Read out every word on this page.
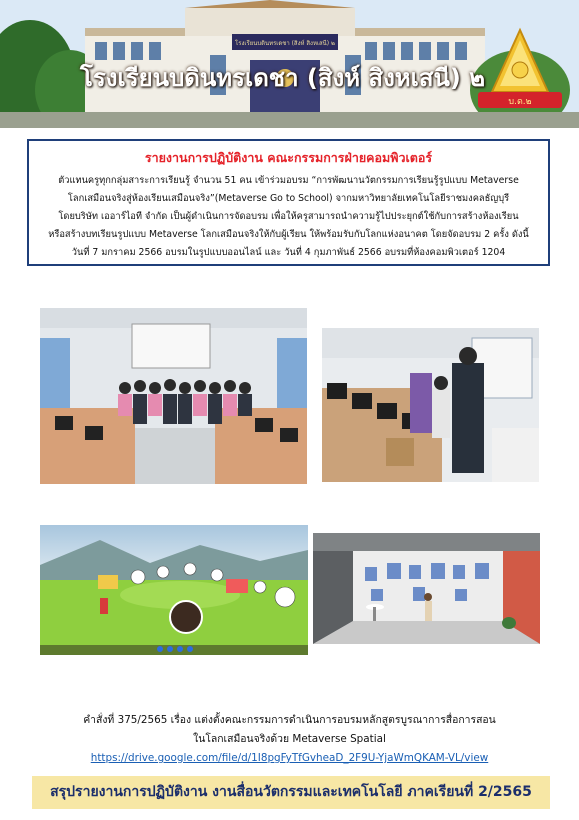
โรงเรียนบดินทรเดชา (สิงห์ สิงหเสนี) ๒
บ.ด.๒
โรงเรียนบดินทรเดชา (สิงห์ สิงหเสนี) ๒
รายงานการปฏิบัติงาน คณะกรรมการฝ่ายคอมพิวเตอร์
ตัวแทนครูทุกกลุ่มสาระการเรียนรู้ จำนวน 51 คน เข้าร่วมอบรม “การพัฒนานวัตกรรมการเรียนรู้รูปแบบ Metaverse
โลกเสมือนจริงสู่ห้องเรียนเสมือนจริง”(Metaverse Go to School) จากมหาวิทยาลัยเทคโนโลยีราชมงคลธัญบุรี
โดยบริษัท เออาร์ไอที จำกัด เป็นผู้ดำเนินการจัดอบรม เพื่อให้ครูสามารถนำความรู้ไปประยุกต์ใช้กับการสร้างห้องเรียน
หรือสร้างบทเรียนรูปแบบ Metaverse โลกเสมือนจริงให้กับผู้เรียน ให้พร้อมรับกับโลกแห่งอนาคต โดยจัดอบรม 2 ครั้ง ดังนี้
วันที่ 7 มกราคม 2566 อบรมในรูปแบบออนไลน์ และ วันที่ 4 กุมภาพันธ์ 2566 อบรมที่ห้องคอมพิวเตอร์ 1204
คำสั่งที่ 375/2565 เรื่อง แต่งตั้งคณะกรรมการดำเนินการอบรมหลักสูตรบูรณาการสื่อการสอน
ในโลกเสมือนจริงด้วย Metaverse Spatial
https://drive.google.com/file/d/1I8pgFyTfGvheaD_2F9U-YjaWmQKAM-VL/view
สรุปรายงานการปฏิบัติงาน งานสื่อนวัตกรรมและเทคโนโลยี ภาคเรียนที่ 2/2565
